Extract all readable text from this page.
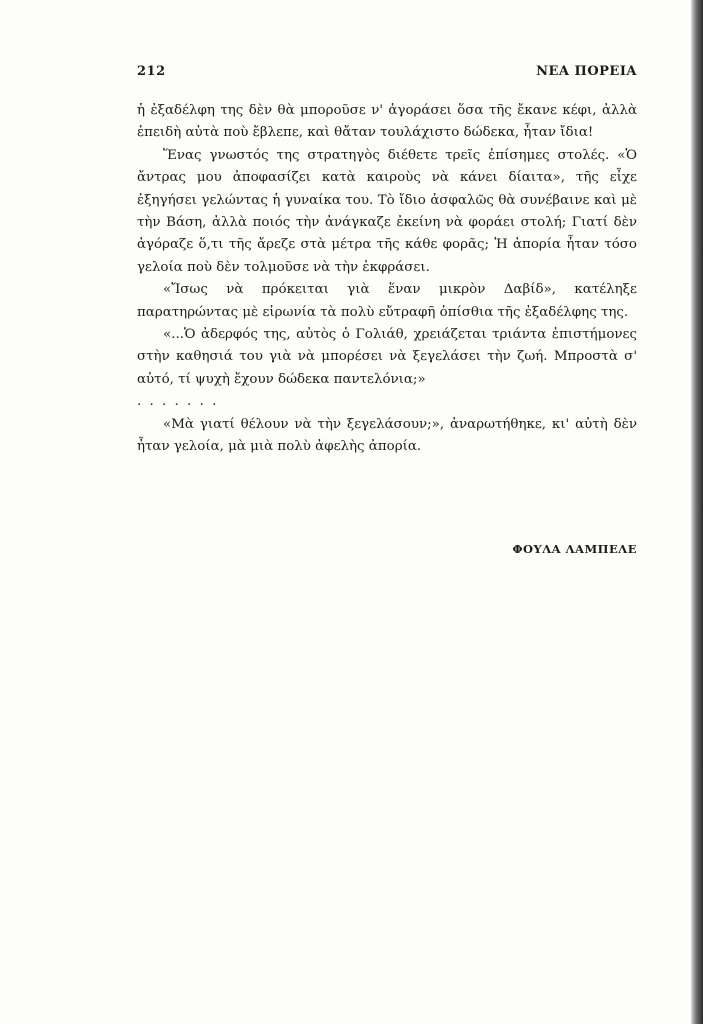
212	ΝΕΑ ΠΟΡΕΙΑ

ἡ ἐξαδέλφη της δὲν θὰ μποροῦσε ν' ἀγοράσει ὅσα τῆς ἔκανε κέφι, ἀλλὰ ἐπειδὴ αὐτὰ ποὺ ἔβλεπε, καὶ θἄταν τουλάχιστο δώδεκα, ἦταν ἴδια!

Ἕνας γνωστός της στρατηγὸς διέθετε τρεῖς ἐπίσημες στολές. «Ὁ ἄντρας μου ἀποφασίζει κατὰ καιροὺς νὰ κάνει δίαιτα», τῆς εἶχε ἐξηγήσει γελώντας ἡ γυναίκα του. Τὸ ἴδιο ἀσφαλῶς θὰ συνέβαινε καὶ μὲ τὴν Βάση, ἀλλὰ ποιός τὴν ἀνάγκαζε ἐκείνη νὰ φοράει στολή; Γιατί δὲν ἀγόραζε ὅ,τι τῆς ἄρεζε στὰ μέτρα τῆς κάθε φορᾶς; Ἡ ἀπορία ἦταν τόσο γελοία ποὺ δὲν τολμοῦσε νὰ τὴν ἐκφράσει.

«Ἴσως νὰ πρόκειται γιὰ ἕναν μικρὸν Δαβίδ», κατέληξε παρατηρώντας μὲ εἰρωνία τὰ πολὺ εὔτραφῆ ὀπίσθια τῆς ἐξαδέλφης της.

«...Ὁ ἀδερφός της, αὐτὸς ὁ Γολιάθ, χρειάζεται τριάντα ἐπιστήμονες στὴν καθησιά του γιὰ νὰ μπορέσει νὰ ξεγελάσει τὴν ζωή. Μπροστὰ σ' αὐτό, τί ψυχὴ ἔχουν δώδεκα παντελόνια;»

. . . . . . .

«Μὰ γιατί θέλουν νὰ τὴν ξεγελάσουν;», ἀναρωτήθηκε, κι' αὐτὴ δὲν ἦταν γελοία, μὰ μιὰ πολὺ ἀφελὴς ἀπορία.

ΦΟΥΛΑ ΛΑΜΠΕΛΕ
